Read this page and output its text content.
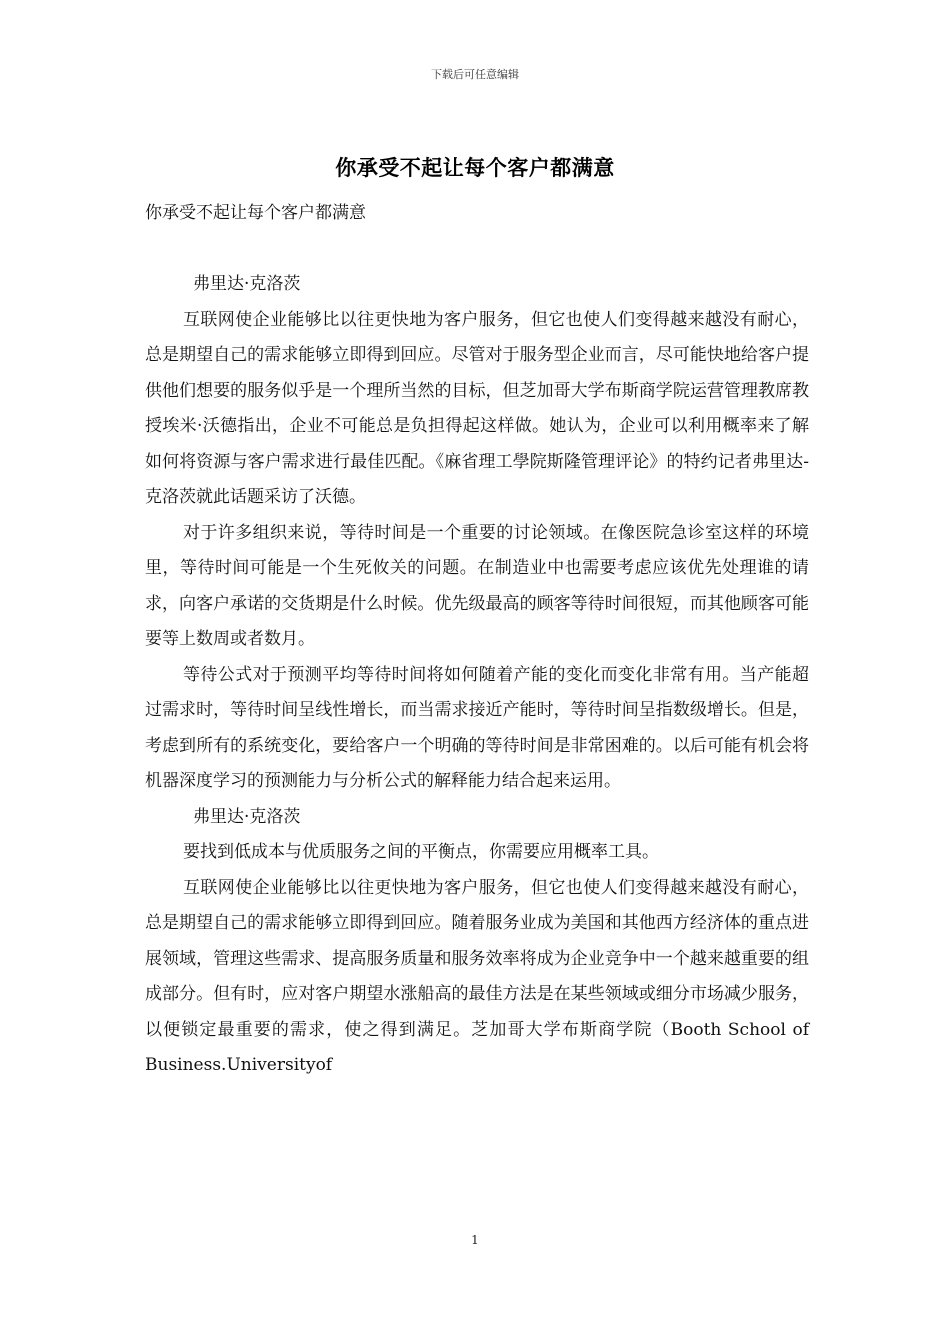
下载后可任意编辑
你承受不起让每个客户都满意

你承受不起让每个客户都满意

弗里达·克洛茨

互联网使企业能够比以往更快地为客户服务，但它也使人们变得越来越没有耐心，总是期望自己的需求能够立即得到回应。尽管对于服务型企业而言，尽可能快地给客户提供他们想要的服务似乎是一个理所当然的目标，但芝加哥大学布斯商学院运营管理教席教授埃米·沃德指出，企业不可能总是负担得起这样做。她认为，企业可以利用概率来了解如何将资源与客户需求进行最佳匹配。《麻省理工學院斯隆管理评论》的特约记者弗里达-克洛茨就此话题采访了沃德。

对于许多组织来说，等待时间是一个重要的讨论领域。在像医院急诊室这样的环境里，等待时间可能是一个生死攸关的问题。在制造业中也需要考虑应该优先处理谁的请求，向客户承诺的交货期是什么时候。优先级最高的顾客等待时间很短，而其他顾客可能要等上数周或者数月。

等待公式对于预测平均等待时间将如何随着产能的变化而变化非常有用。当产能超过需求时，等待时间呈线性增长，而当需求接近产能时，等待时间呈指数级增长。但是，考虑到所有的系统变化，要给客户一个明确的等待时间是非常困难的。以后可能有机会将机器深度学习的预测能力与分析公式的解释能力结合起来运用。

弗里达·克洛茨

要找到低成本与优质服务之间的平衡点，你需要应用概率工具。

互联网使企业能够比以往更快地为客户服务，但它也使人们变得越来越没有耐心，总是期望自己的需求能够立即得到回应。随着服务业成为美国和其他西方经济体的重点进展领域，管理这些需求、提高服务质量和服务效率将成为企业竞争中一个越来越重要的组成部分。但有时，应对客户期望水涨船高的最佳方法是在某些领域或细分市场减少服务，以便锁定最重要的需求，使之得到满足。芝加哥大学布斯商学院（Booth School of Business.Universityof

1
